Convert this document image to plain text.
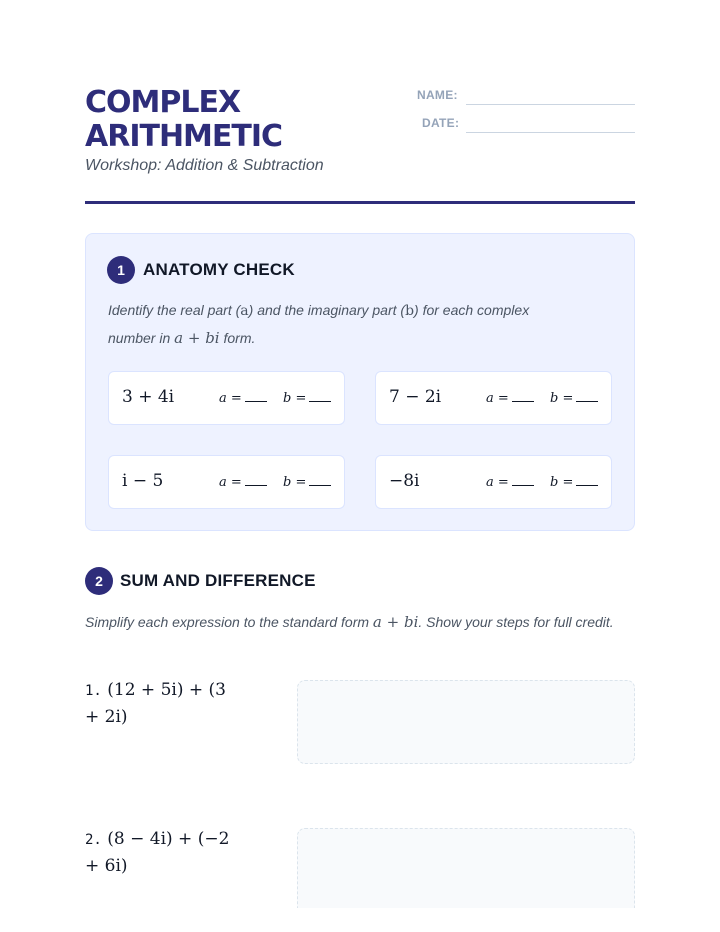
COMPLEX
ARITHMETIC

Workshop: Addition & Subtraction

NAME:
DATE:
1	ANATOMY CHECK

Identify the real part (a) and the imaginary part (b) for each complex
number in a + bi form.

3 + 4i	a =	b =	7 − 2i	a =	b =
i − 5	a =	b =	−8i	a =	b =
2	SUM AND DIFFERENCE

Simplify each expression to the standard form a + bi. Show your steps for full credit.

1. (12 + 5i) + (3
+ 2i)
2. (8 − 4i) + (−2
+ 6i)
